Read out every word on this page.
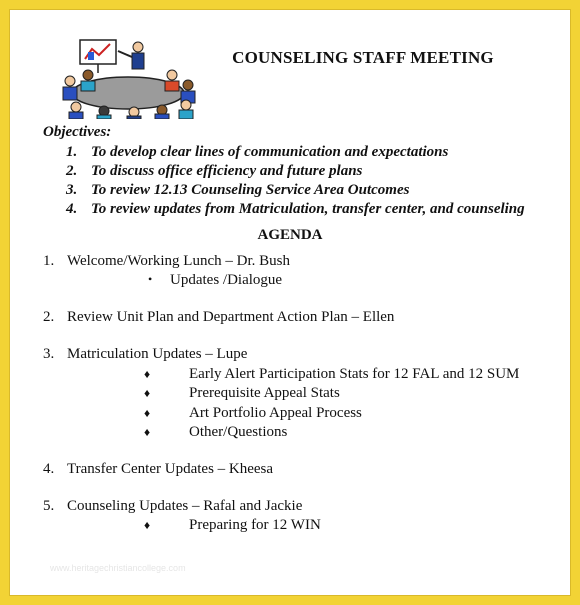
COUNSELING STAFF MEETING
Objectives:
1. To develop clear lines of communication and expectations
2. To discuss office efficiency and future plans
3. To review 12.13 Counseling Service Area Outcomes
4. To review updates from Matriculation, transfer center, and counseling
AGENDA
1. Welcome/Working Lunch – Dr. Bush
• Updates /Dialogue
2. Review Unit Plan and Department Action Plan – Ellen
3. Matriculation Updates – Lupe
♦	Early Alert Participation Stats for 12 FAL and 12 SUM
♦	Prerequisite Appeal Stats
♦	Art Portfolio Appeal Process
♦	Other/Questions
4. Transfer Center Updates – Kheesa
5. Counseling Updates – Rafal and Jackie
♦	Preparing for 12 WIN
www.heritagechristiancollege.com
